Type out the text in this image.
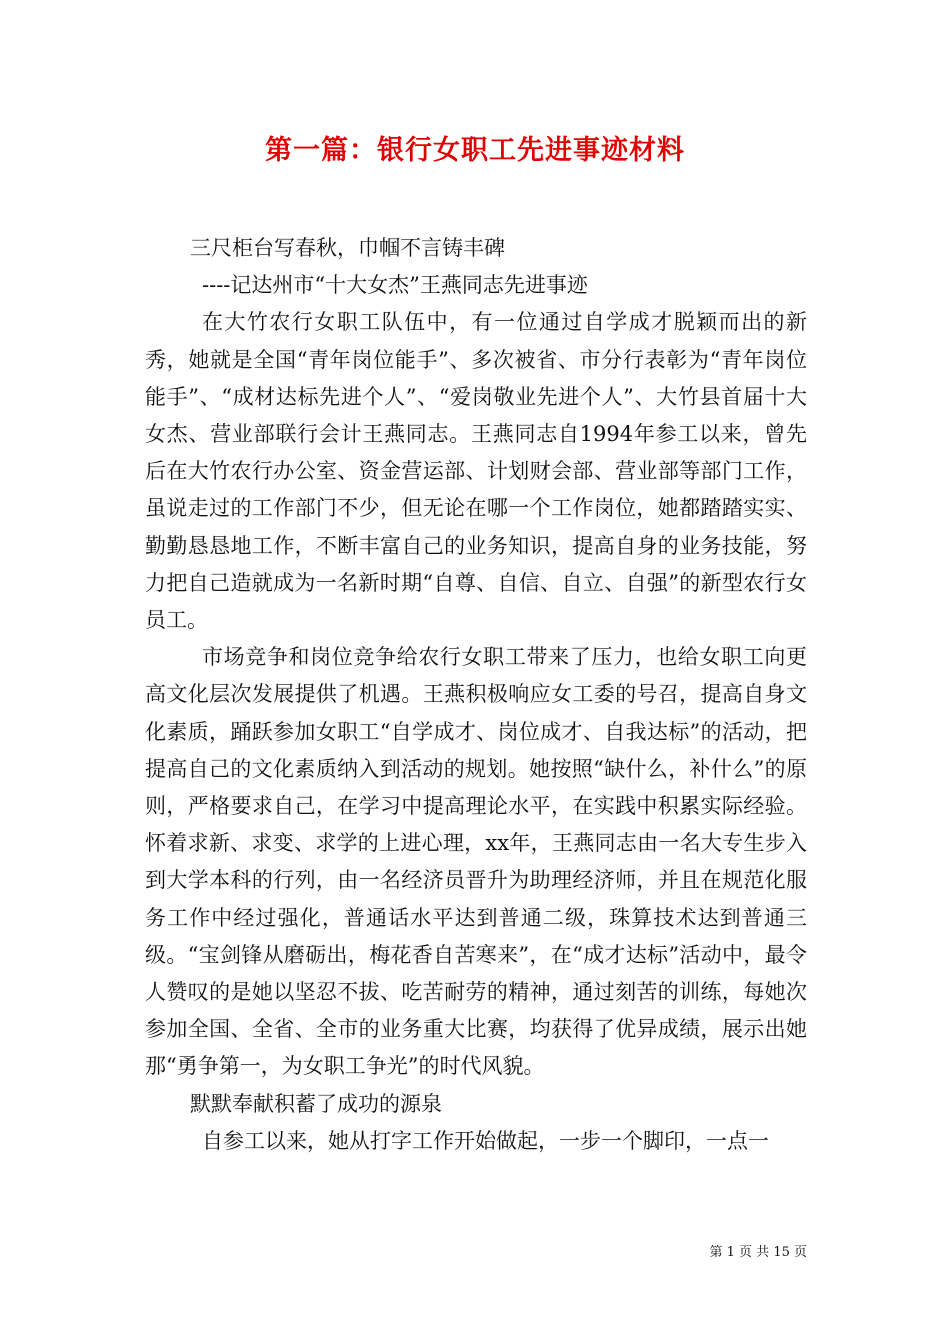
第一篇：银行女职工先进事迹材料

三尺柜台写春秋，巾帼不言铸丰碑

----记达州市“十大女杰”王燕同志先进事迹

在大竹农行女职工队伍中，有一位通过自学成才脱颖而出的新秀，她就是全国“青年岗位能手”、多次被省、市分行表彰为“青年岗位能手”、“成材达标先进个人”、“爱岗敬业先进个人”、大竹县首届十大女杰、营业部联行会计王燕同志。王燕同志自1994年参工以来，曾先后在大竹农行办公室、资金营运部、计划财会部、营业部等部门工作，虽说走过的工作部门不少，但无论在哪一个工作岗位，她都踏踏实实、勤勤恳恳地工作，不断丰富自己的业务知识，提高自身的业务技能，努力把自己造就成为一名新时期“自尊、自信、自立、自强”的新型农行女员工。

市场竞争和岗位竞争给农行女职工带来了压力，也给女职工向更高文化层次发展提供了机遇。王燕积极响应女工委的号召，提高自身文化素质，踊跃参加女职工“自学成才、岗位成才、自我达标”的活动，把提高自己的文化素质纳入到活动的规划。她按照“缺什么，补什么”的原则，严格要求自己，在学习中提高理论水平，在实践中积累实际经验。怀着求新、求变、求学的上进心理，xx年，王燕同志由一名大专生步入到大学本科的行列，由一名经济员晋升为助理经济师，并且在规范化服务工作中经过强化，普通话水平达到普通二级，珠算技术达到普通三级。“宝剑锋从磨砺出，梅花香自苦寒来”，在“成才达标”活动中，最令人赞叹的是她以坚忍不拔、吃苦耐劳的精神，通过刻苦的训练，每她次参加全国、全省、全市的业务重大比赛，均获得了优异成绩，展示出她那“勇争第一，为女职工争光”的时代风貌。

默默奉献积蓄了成功的源泉

自参工以来，她从打字工作开始做起，一步一个脚印，一点一

第 1 页 共 15 页
